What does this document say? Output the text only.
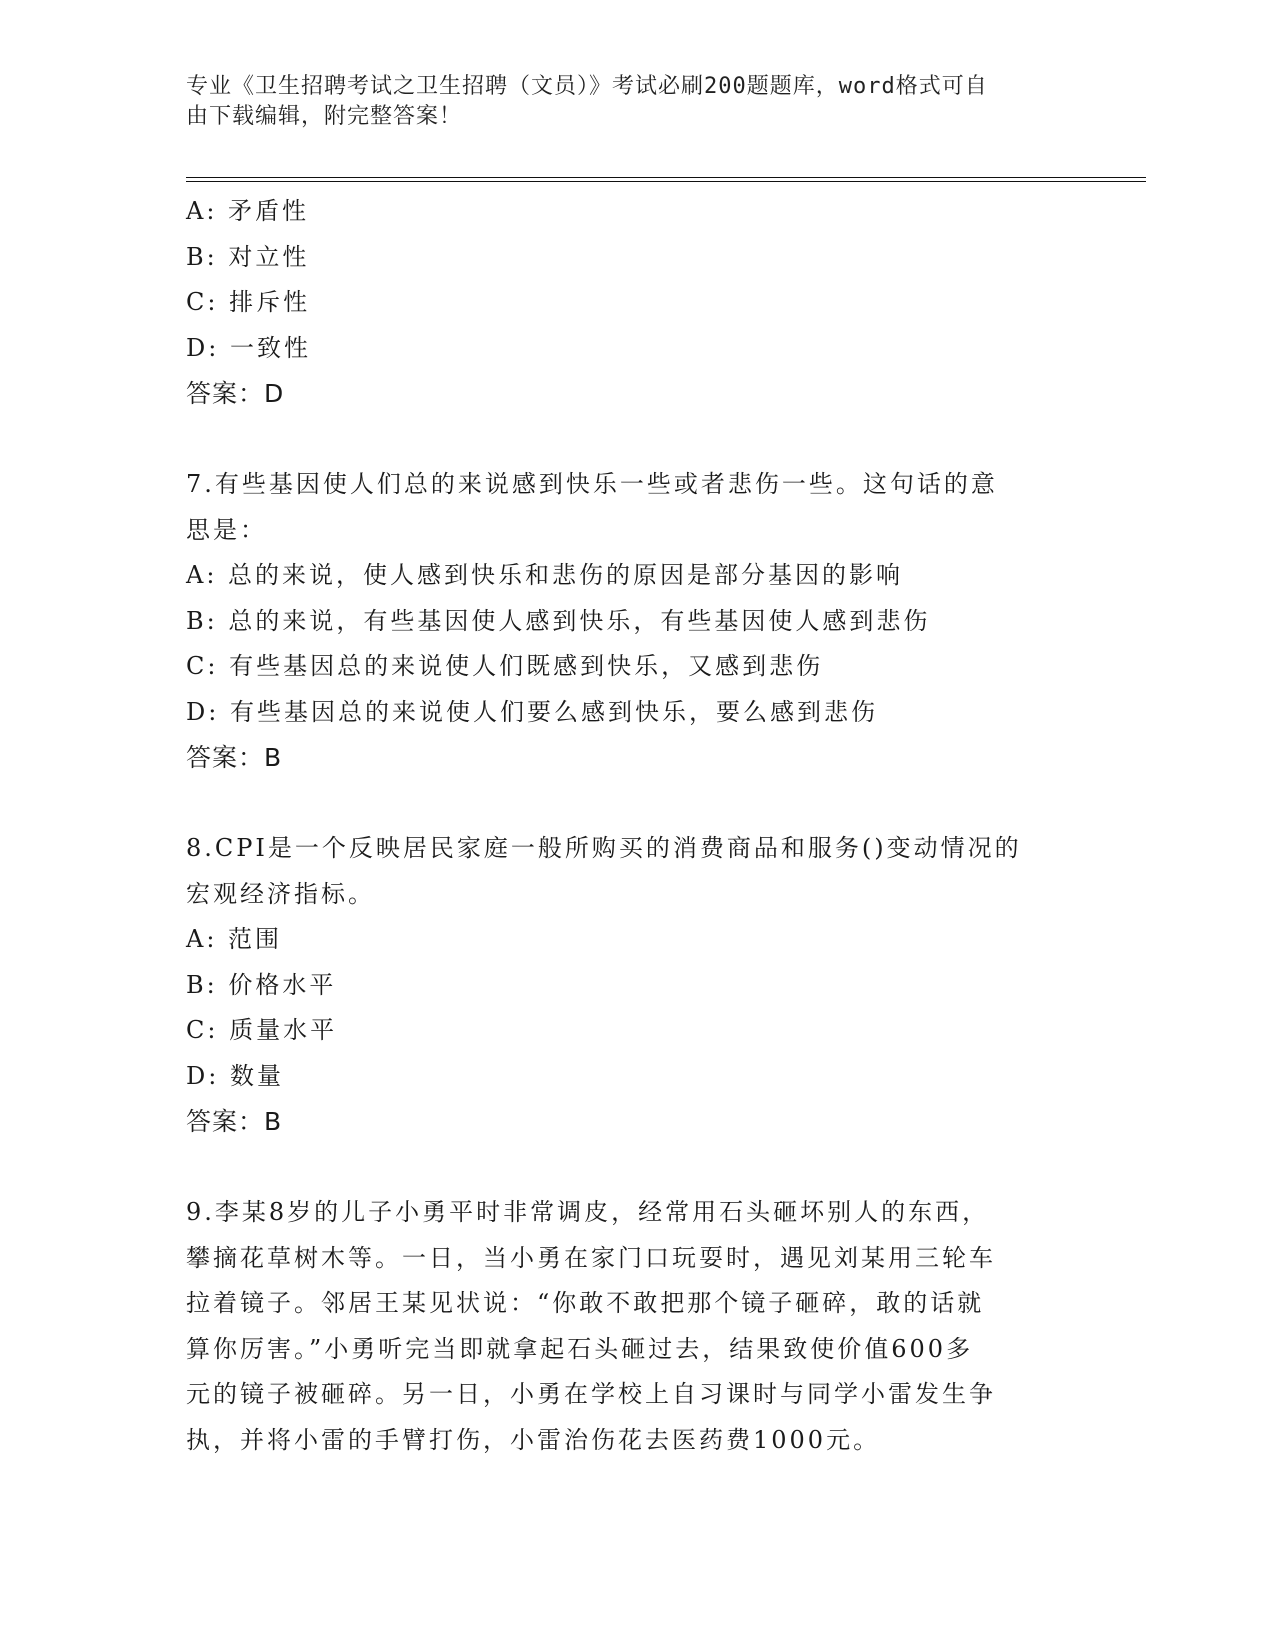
专业《卫生招聘考试之卫生招聘（文员）》考试必刷200题题库，word格式可自
由下载编辑，附完整答案！
A: 矛盾性
B: 对立性
C: 排斥性
D: 一致性
答案：D
7.有些基因使人们总的来说感到快乐一些或者悲伤一些。这句话的意
思是：
A: 总的来说，使人感到快乐和悲伤的原因是部分基因的影响
B: 总的来说，有些基因使人感到快乐，有些基因使人感到悲伤
C: 有些基因总的来说使人们既感到快乐，又感到悲伤
D: 有些基因总的来说使人们要么感到快乐，要么感到悲伤
答案：B
8.CPI是一个反映居民家庭一般所购买的消费商品和服务()变动情况的
宏观经济指标。
A: 范围
B: 价格水平
C: 质量水平
D: 数量
答案：B
9.李某8岁的儿子小勇平时非常调皮，经常用石头砸坏别人的东西，
攀摘花草树木等。一日，当小勇在家门口玩耍时，遇见刘某用三轮车
拉着镜子。邻居王某见状说：“你敢不敢把那个镜子砸碎，敢的话就
算你厉害。”小勇听完当即就拿起石头砸过去，结果致使价值600多
元的镜子被砸碎。另一日，小勇在学校上自习课时与同学小雷发生争
执，并将小雷的手臂打伤，小雷治伤花去医药费1000元。
